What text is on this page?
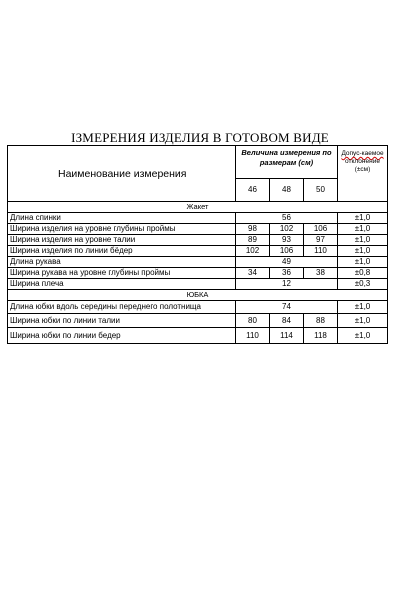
ІЗМЕРЕНИЯ ИЗДЕЛИЯ В ГОТОВОМ ВИДЕ
Наименование измерения	Величина измерения по размерам (см)			Допус-каемое
отклонение (±см)
	46	48	50	
Жакет				
Длина спинки	56			±1,0
Ширина изделия на уровне глубины проймы	98	102	106	±1,0
Ширина изделия на уровне талии	89	93	97	±1,0
Ширина изделия по линии бёдер	102	106	110	±1,0
Длина рукава	49			±1,0
Ширина рукава на уровне глубины проймы	34	36	38	±0,8
Ширина плеча	12			±0,3
ЮБКА				
Длина юбки вдоль середины переднего полотнища	74			±1,0
Ширина юбки по линии талии	80	84	88	±1,0
Ширина юбки по линии бедер	110	114	118	±1,0
